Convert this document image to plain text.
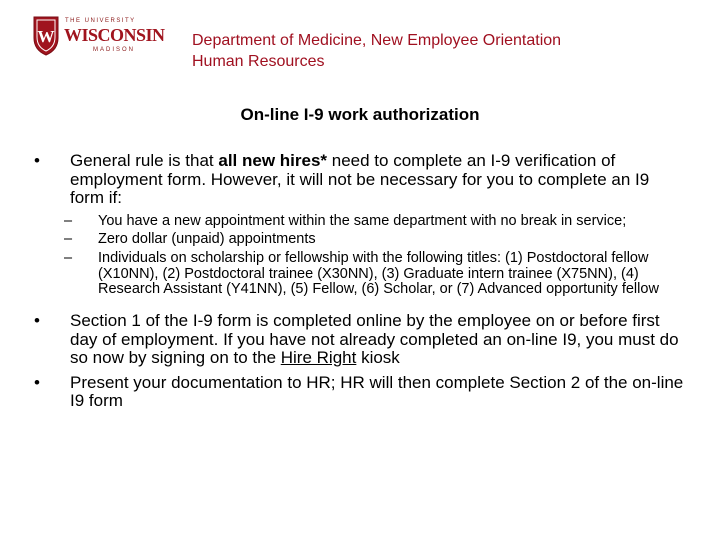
W
THE UNIVERSITY
WISCONSIN
MADISON
Department of Medicine, New Employee Orientation
Human Resources
On-line I-9 work authorization
• General rule is that all new hires* need to complete an I-9 verification of employment form. However, it will not be necessary for you to complete an I9 form if:
– You have a new appointment within the same department with no break in service;
– Zero dollar (unpaid) appointments
– Individuals on scholarship or fellowship with the following titles: (1) Postdoctoral fellow (X10NN), (2) Postdoctoral trainee (X30NN), (3) Graduate intern trainee (X75NN), (4) Research Assistant (Y41NN), (5) Fellow, (6) Scholar, or (7) Advanced opportunity fellow
• Section 1 of the I-9 form is completed online by the employee on or before first day of employment. If you have not already completed an on-line I9, you must do so now by signing on to the Hire Right kiosk
• Present your documentation to HR; HR will then complete Section 2 of the on-line I9 form
